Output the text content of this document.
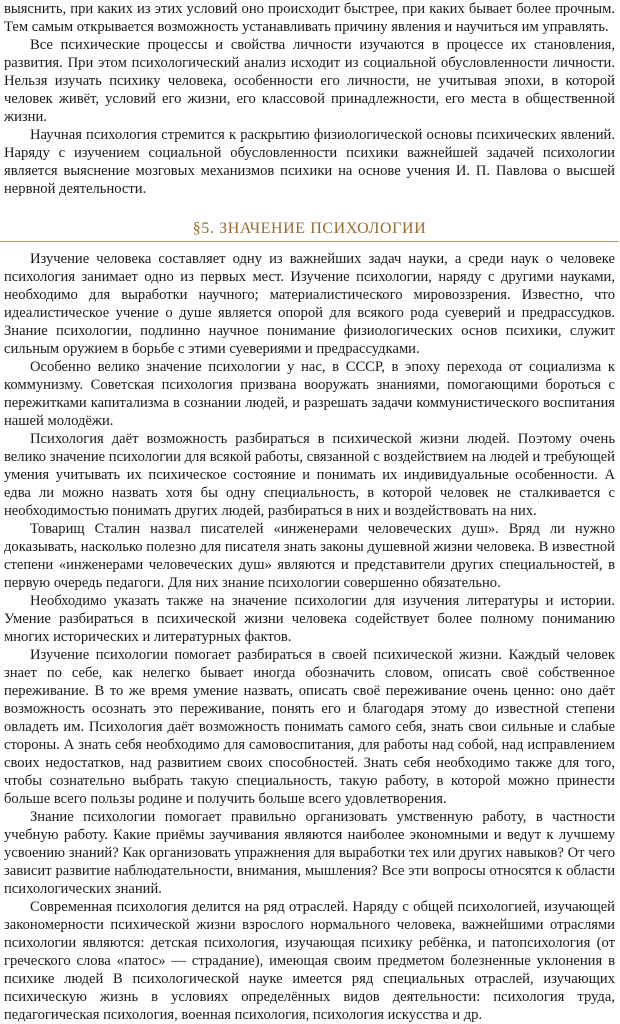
выяснить, при каких из этих условий оно происходит быстрее, при каких бывает более прочным. Тем самым открывается возможность устанавливать причину явления и научиться им управлять.

Все психические процессы и свойства личности изучаются в процессе их становления, развития. При этом психологический анализ исходит из социальной обусловленности личности. Нельзя изучать психику человека, особенности его личности, не учитывая эпохи, в которой человек живёт, условий его жизни, его классовой принадлежности, его места в общественной жизни.

Научная психология стремится к раскрытию физиологической основы психических явлений. Наряду с изучением социальной обусловленности психики важнейшей задачей психологии является выяснение мозговых механизмов психики на основе учения И. П. Павлова о высшей нервной деятельности.

§5. ЗНАЧЕНИЕ ПСИХОЛОГИИ

Изучение человека составляет одну из важнейших задач науки, а среди наук о человеке психология занимает одно из первых мест. Изучение психологии, наряду с другими науками, необходимо для выработки научного; материалистического мировоззрения. Известно, что идеалистическое учение о душе является опорой для всякого рода суеверий и предрассудков. Знание психологии, подлинно научное понимание физиологических основ психики, служит сильным оружием в борьбе с этими суевериями и предрассудками.

Особенно велико значение психологии у нас, в СССР, в эпоху перехода от социализма к коммунизму. Советская психология призвана вооружать знаниями, помогающими бороться с пережитками капитализма в сознании людей, и разрешать задачи коммунистического воспитания нашей молодёжи.

Психология даёт возможность разбираться в психической жизни людей. Поэтому очень велико значение психологии для всякой работы, связанной с воздействием на людей и требующей умения учитывать их психическое состояние и понимать их индивидуальные особенности. А едва ли можно назвать хотя бы одну специальность, в которой человек не сталкивается с необходимостью понимать других людей, разбираться в них и воздействовать на них.

Товарищ Сталин назвал писателей «инженерами человеческих душ». Вряд ли нужно доказывать, насколько полезно для писателя знать законы душевной жизни человека. В известной степени «инженерами человеческих душ» являются и представители других специальностей, в первую очередь педагоги. Для них знание психологии совершенно обязательно.

Необходимо указать также на значение психологии для изучения литературы и истории. Умение разбираться в психической жизни человека содействует более полному пониманию многих исторических и литературных фактов.

Изучение психологии помогает разбираться в своей психической жизни. Каждый человек знает по себе, как нелегко бывает иногда обозначить словом, описать своё собственное переживание. В то же время умение назвать, описать своё переживание очень ценно: оно даёт возможность осознать это переживание, понять его и благодаря этому до известной степени овладеть им. Психология даёт возможность понимать самого себя, знать свои сильные и слабые стороны. А знать себя необходимо для самовоспитания, для работы над собой, над исправлением своих недостатков, над развитием своих способностей. Знать себя необходимо также для того, чтобы сознательно выбрать такую специальность, такую работу, в которой можно принести больше всего пользы родине и получить больше всего удовлетворения.

Знание психологии помогает правильно организовать умственную работу, в частности учебную работу. Какие приёмы заучивания являются наиболее экономными и ведут к лучшему усвоению знаний? Как организовать упражнения для выработки тех или других навыков? От чего зависит развитие наблюдательности, внимания, мышления? Все эти вопросы относятся к области психологических знаний.

Современная психология делится на ряд отраслей. Наряду с общей психологией, изучающей закономерности психической жизни взрослого нормального человека, важнейшими отраслями психологии являются: детская психология, изучающая психику ребёнка, и патопсихология (от греческого слова «патос» — страдание), имеющая своим предметом болезненные уклонения в психике людей В психологической науке имеется ряд специальных отраслей, изучающих психическую жизнь в условиях определённых видов деятельности: психология труда, педагогическая психология, военная психология, психология искусства и др.
